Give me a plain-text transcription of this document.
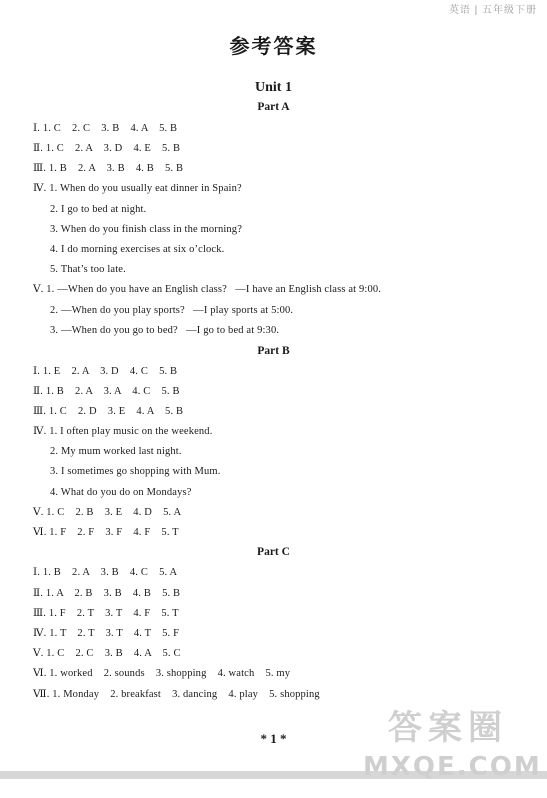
英语 | 五年级下册
参考答案
Unit 1
Part A
Ⅰ. 1. C    2. C    3. B    4. A    5. B
Ⅱ. 1. C    2. A    3. D    4. E    5. B
Ⅲ. 1. B    2. A    3. B    4. B    5. B
Ⅳ. 1. When do you usually eat dinner in Spain?
2. I go to bed at night.
3. When do you finish class in the morning?
4. I do morning exercises at six o’clock.
5. That’s too late.
Ⅴ. 1. —When do you have an English class?   —I have an English class at 9:00.
2. —When do you play sports?   —I play sports at 5:00.
3. —When do you go to bed?   —I go to bed at 9:30.
Part B
Ⅰ. 1. E    2. A    3. D    4. C    5. B
Ⅱ. 1. B    2. A    3. A    4. C    5. B
Ⅲ. 1. C    2. D    3. E    4. A    5. B
Ⅳ. 1. I often play music on the weekend.
2. My mum worked last night.
3. I sometimes go shopping with Mum.
4. What do you do on Mondays?
Ⅴ. 1. C    2. B    3. E    4. D    5. A
Ⅵ. 1. F    2. F    3. F    4. F    5. T
Part C
Ⅰ. 1. B    2. A    3. B    4. C    5. A
Ⅱ. 1. A    2. B    3. B    4. B    5. B
Ⅲ. 1. F    2. T    3. T    4. F    5. T
Ⅳ. 1. T    2. T    3. T    4. T    5. F
Ⅴ. 1. C    2. C    3. B    4. A    5. C
Ⅵ. 1. worked    2. sounds    3. shopping    4. watch    5. my
Ⅶ. 1. Monday    2. breakfast    3. dancing    4. play    5. shopping
* 1 *	答案圈
MXQE.COM
